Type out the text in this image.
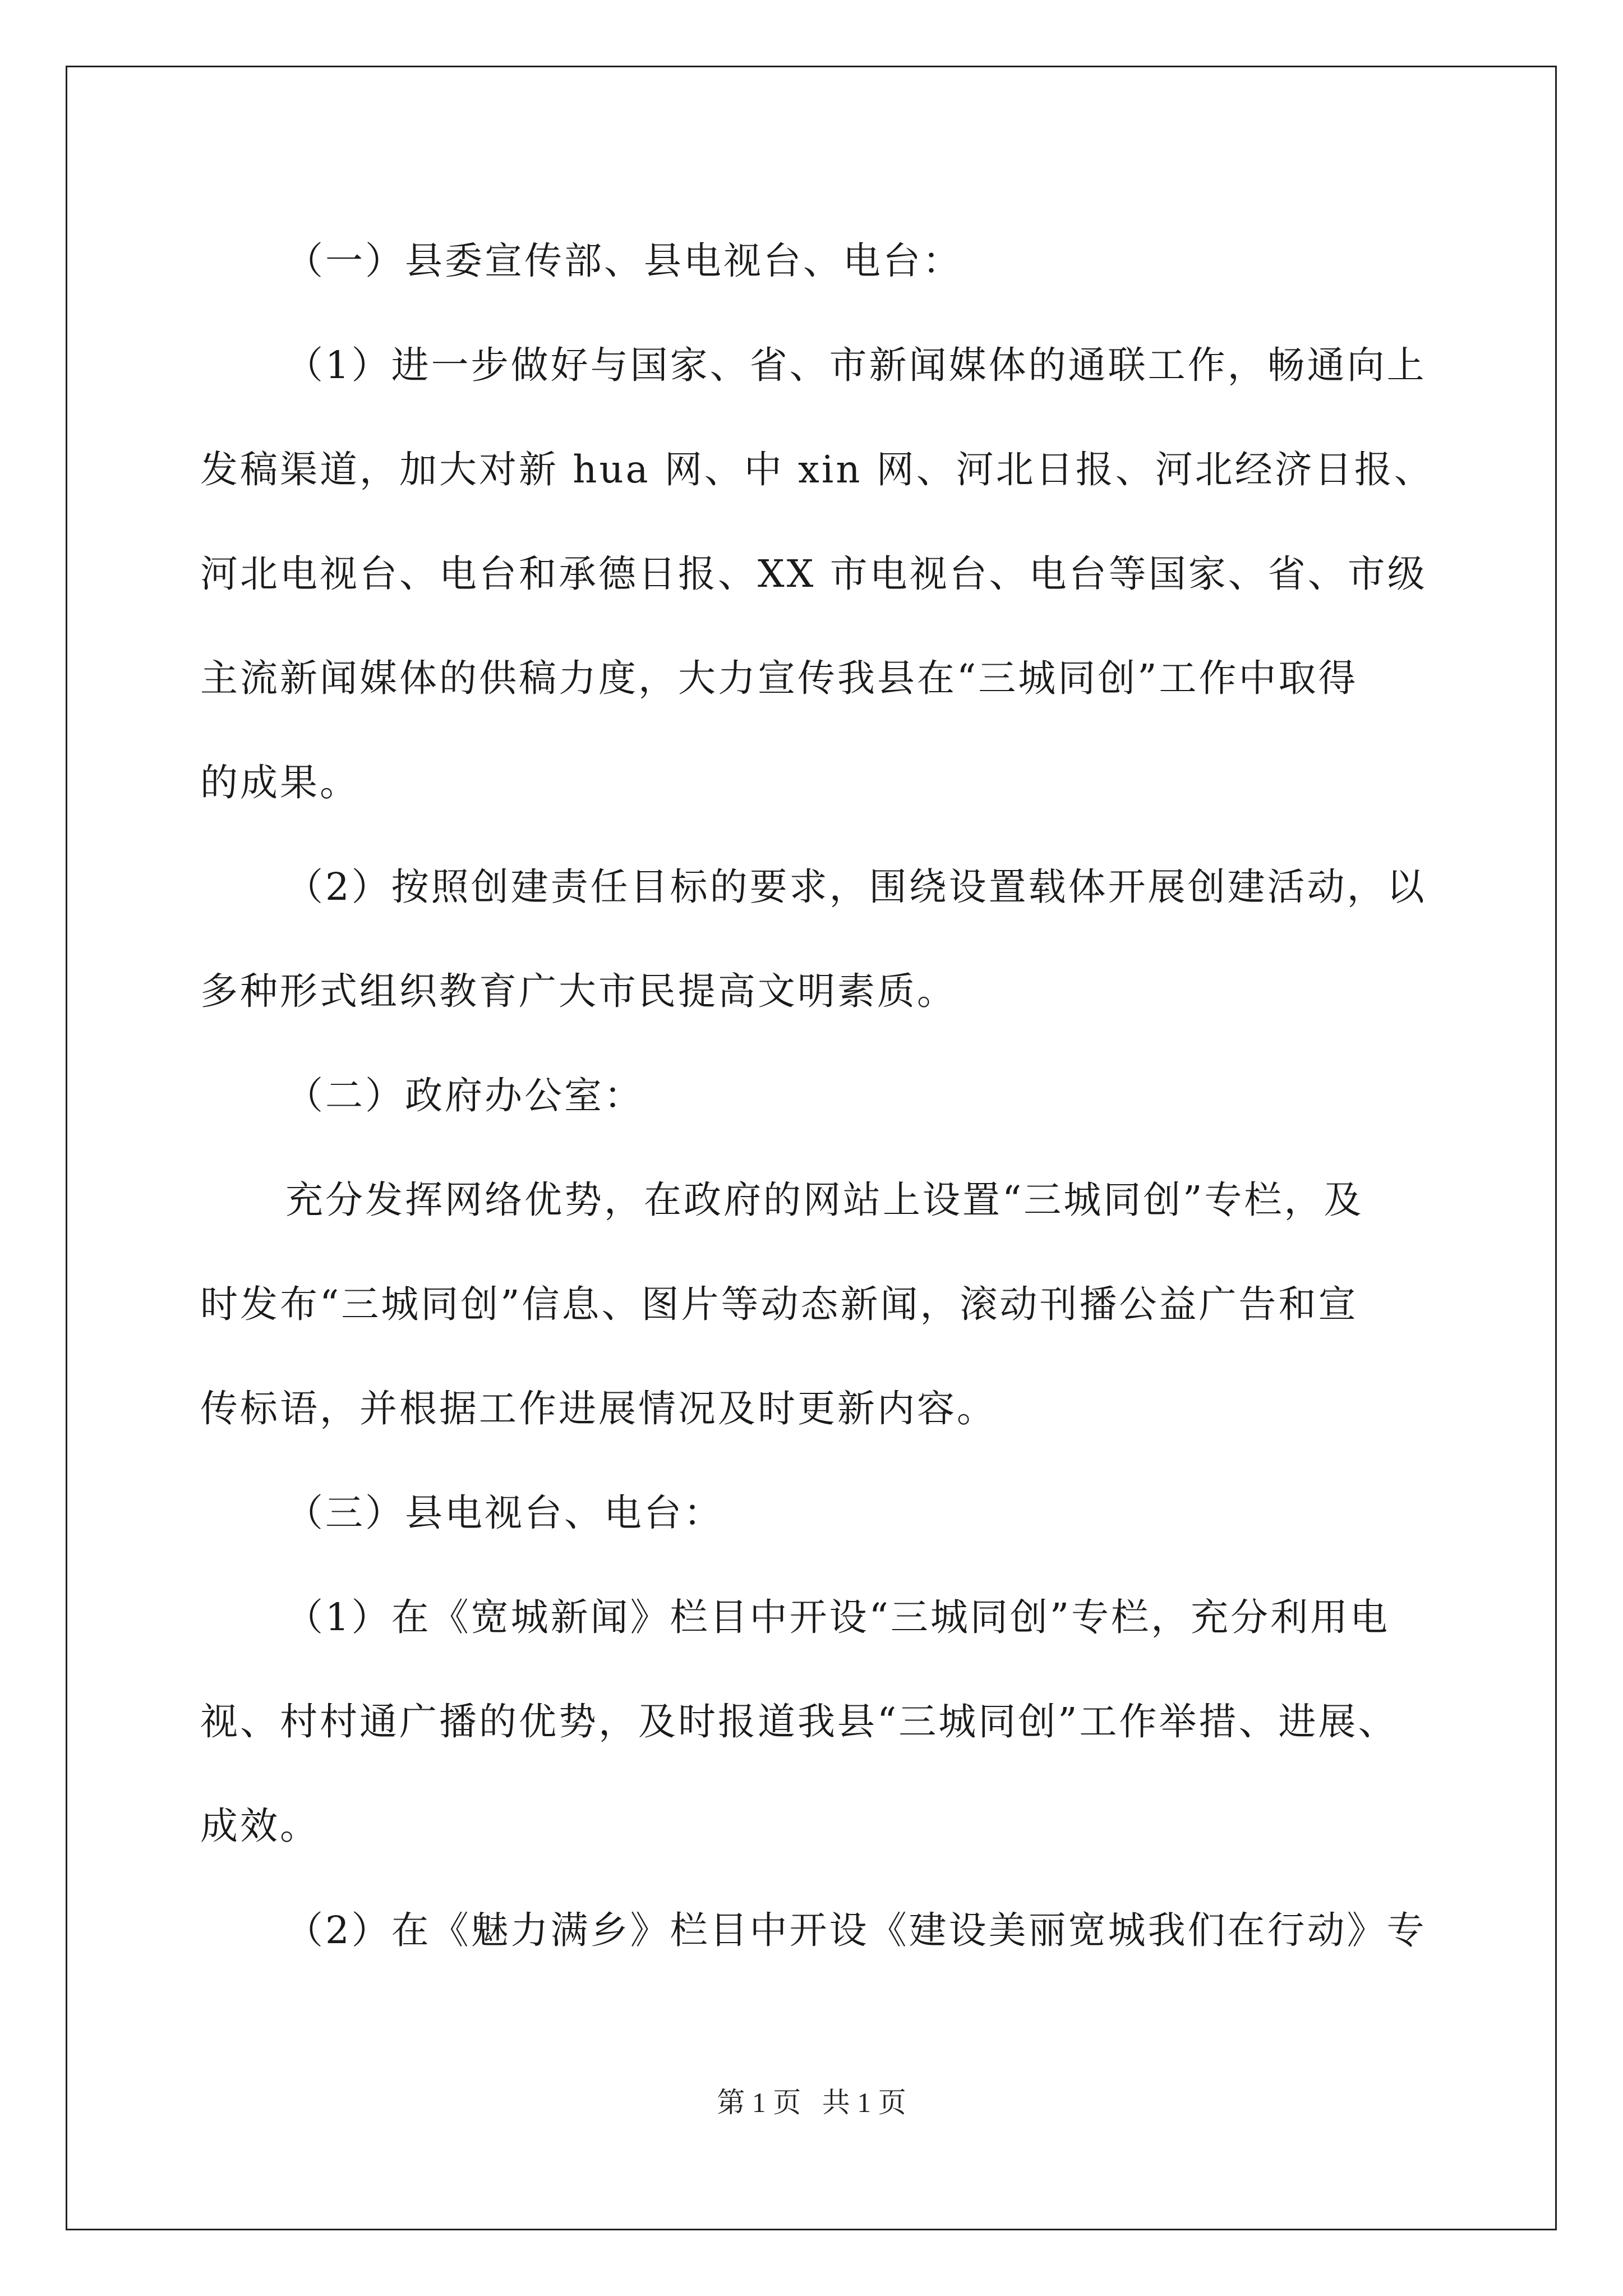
（一）县委宣传部、县电视台、电台：
（1）进一步做好与国家、省、市新闻媒体的通联工作，畅通向上
发稿渠道，加大对新 hua 网、中 xin 网、河北日报、河北经济日报、
河北电视台、电台和承德日报、XX 市电视台、电台等国家、省、市级
主流新闻媒体的供稿力度，大力宣传我县在“三城同创”工作中取得
的成果。
（2）按照创建责任目标的要求，围绕设置载体开展创建活动，以
多种形式组织教育广大市民提高文明素质。
（二）政府办公室：
充分发挥网络优势，在政府的网站上设置“三城同创”专栏，及
时发布“三城同创”信息、图片等动态新闻，滚动刊播公益广告和宣
传标语，并根据工作进展情况及时更新内容。
（三）县电视台、电台：
（1）在《宽城新闻》栏目中开设“三城同创”专栏，充分利用电
视、村村通广播的优势，及时报道我县“三城同创”工作举措、进展、
成效。
（2）在《魅力满乡》栏目中开设《建设美丽宽城我们在行动》专
第 1 页   共 1 页
